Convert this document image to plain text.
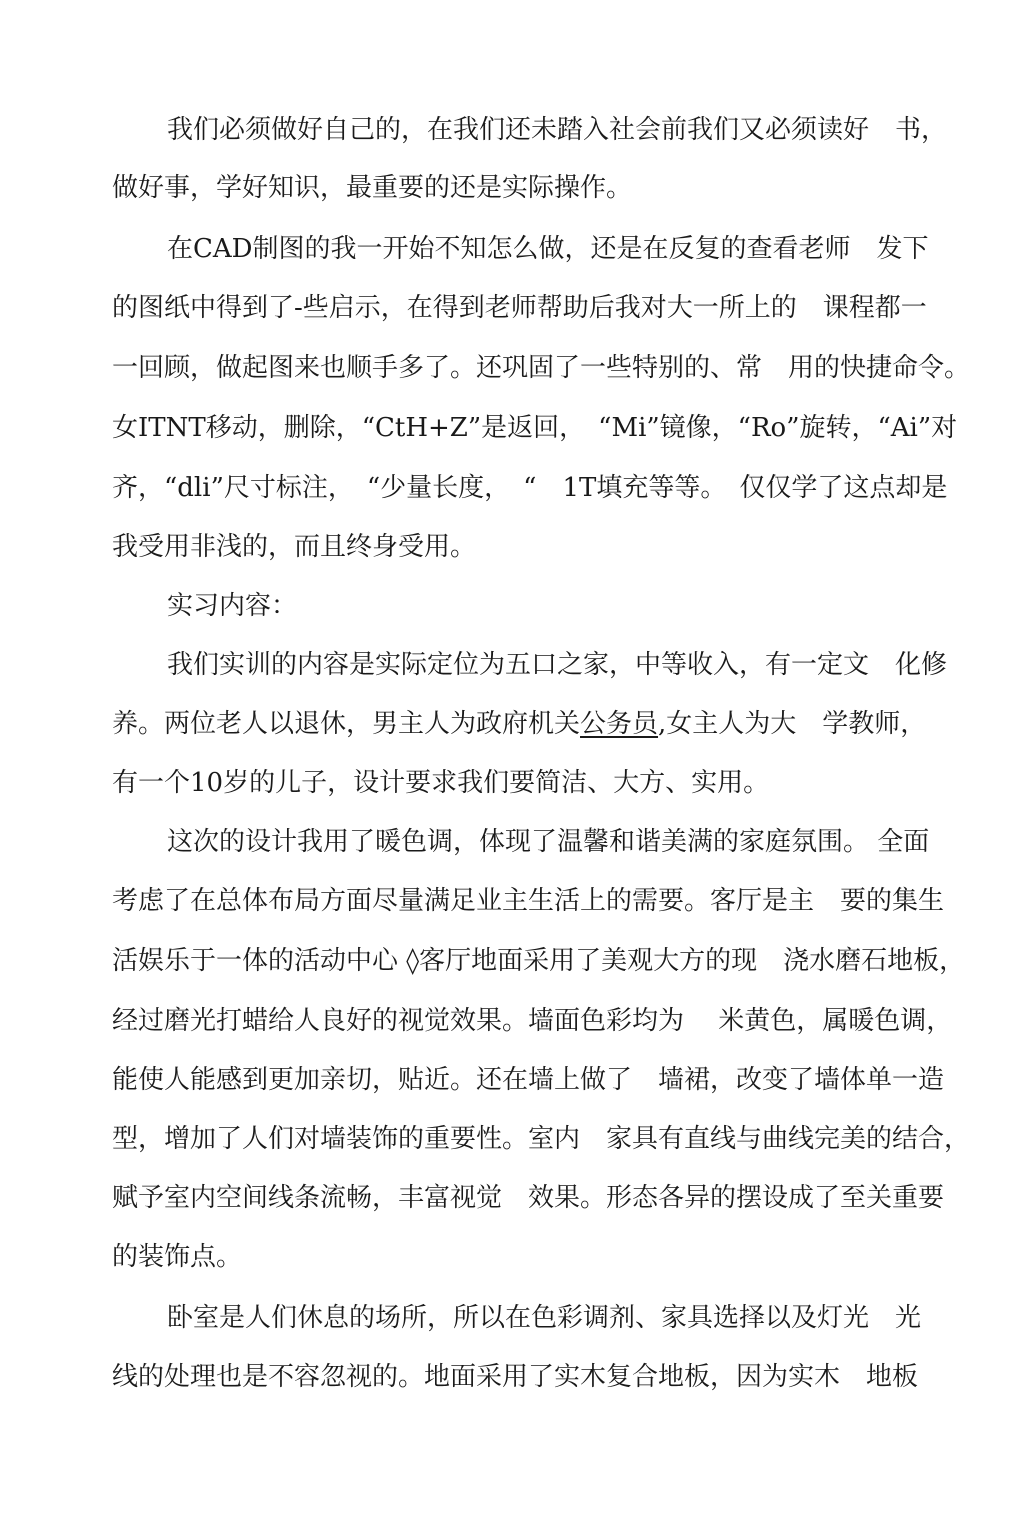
我们必须做好自己的，在我们还未踏入社会前我们又必须读好　书，
做好事，学好知识，最重要的还是实际操作。
在CAD制图的我一开始不知怎么做，还是在反复的查看老师　发下
的图纸中得到了-些启示，在得到老师帮助后我对大一所上的　课程都一
一回顾，做起图来也顺手多了。还巩固了一些特别的、常　用的快捷命令。
女ITNT移动，删除，“CtH+Z”是返回，　“Mi”镜像，“Ro”旋转，“Ai”对
齐，“dli”尺寸标注，　“少量长度，　“　1T填充等等。　仅仅学了这点却是
我受用非浅的，而且终身受用。
实习内容：
我们实训的内容是实际定位为五口之家，中等收入，有一定文　化修
养。两位老人以退休，男主人为政府机关公务员,女主人为大　学教师，
有一个10岁的儿子，设计要求我们要简洁、大方、实用。
这次的设计我用了暖色调，体现了温馨和谐美满的家庭氛围。 全面
考虑了在总体布局方面尽量满足业主生活上的需要。客厅是主　要的集生
活娱乐于一体的活动中心 ◊客厅地面采用了美观大方的现　浇水磨石地板，
经过磨光打蜡给人良好的视觉效果。墙面色彩均为　 米黄色，属暖色调，
能使人能感到更加亲切，贴近。还在墙上做了　墙裙，改变了墙体单一造
型，增加了人们对墙装饰的重要性。室内　家具有直线与曲线完美的结合，
赋予室内空间线条流畅，丰富视觉　效果。形态各异的摆设成了至关重要
的装饰点。
卧室是人们休息的场所，所以在色彩调剂、家具选择以及灯光　光
线的处理也是不容忽视的。地面采用了实木复合地板，因为实木　地板
